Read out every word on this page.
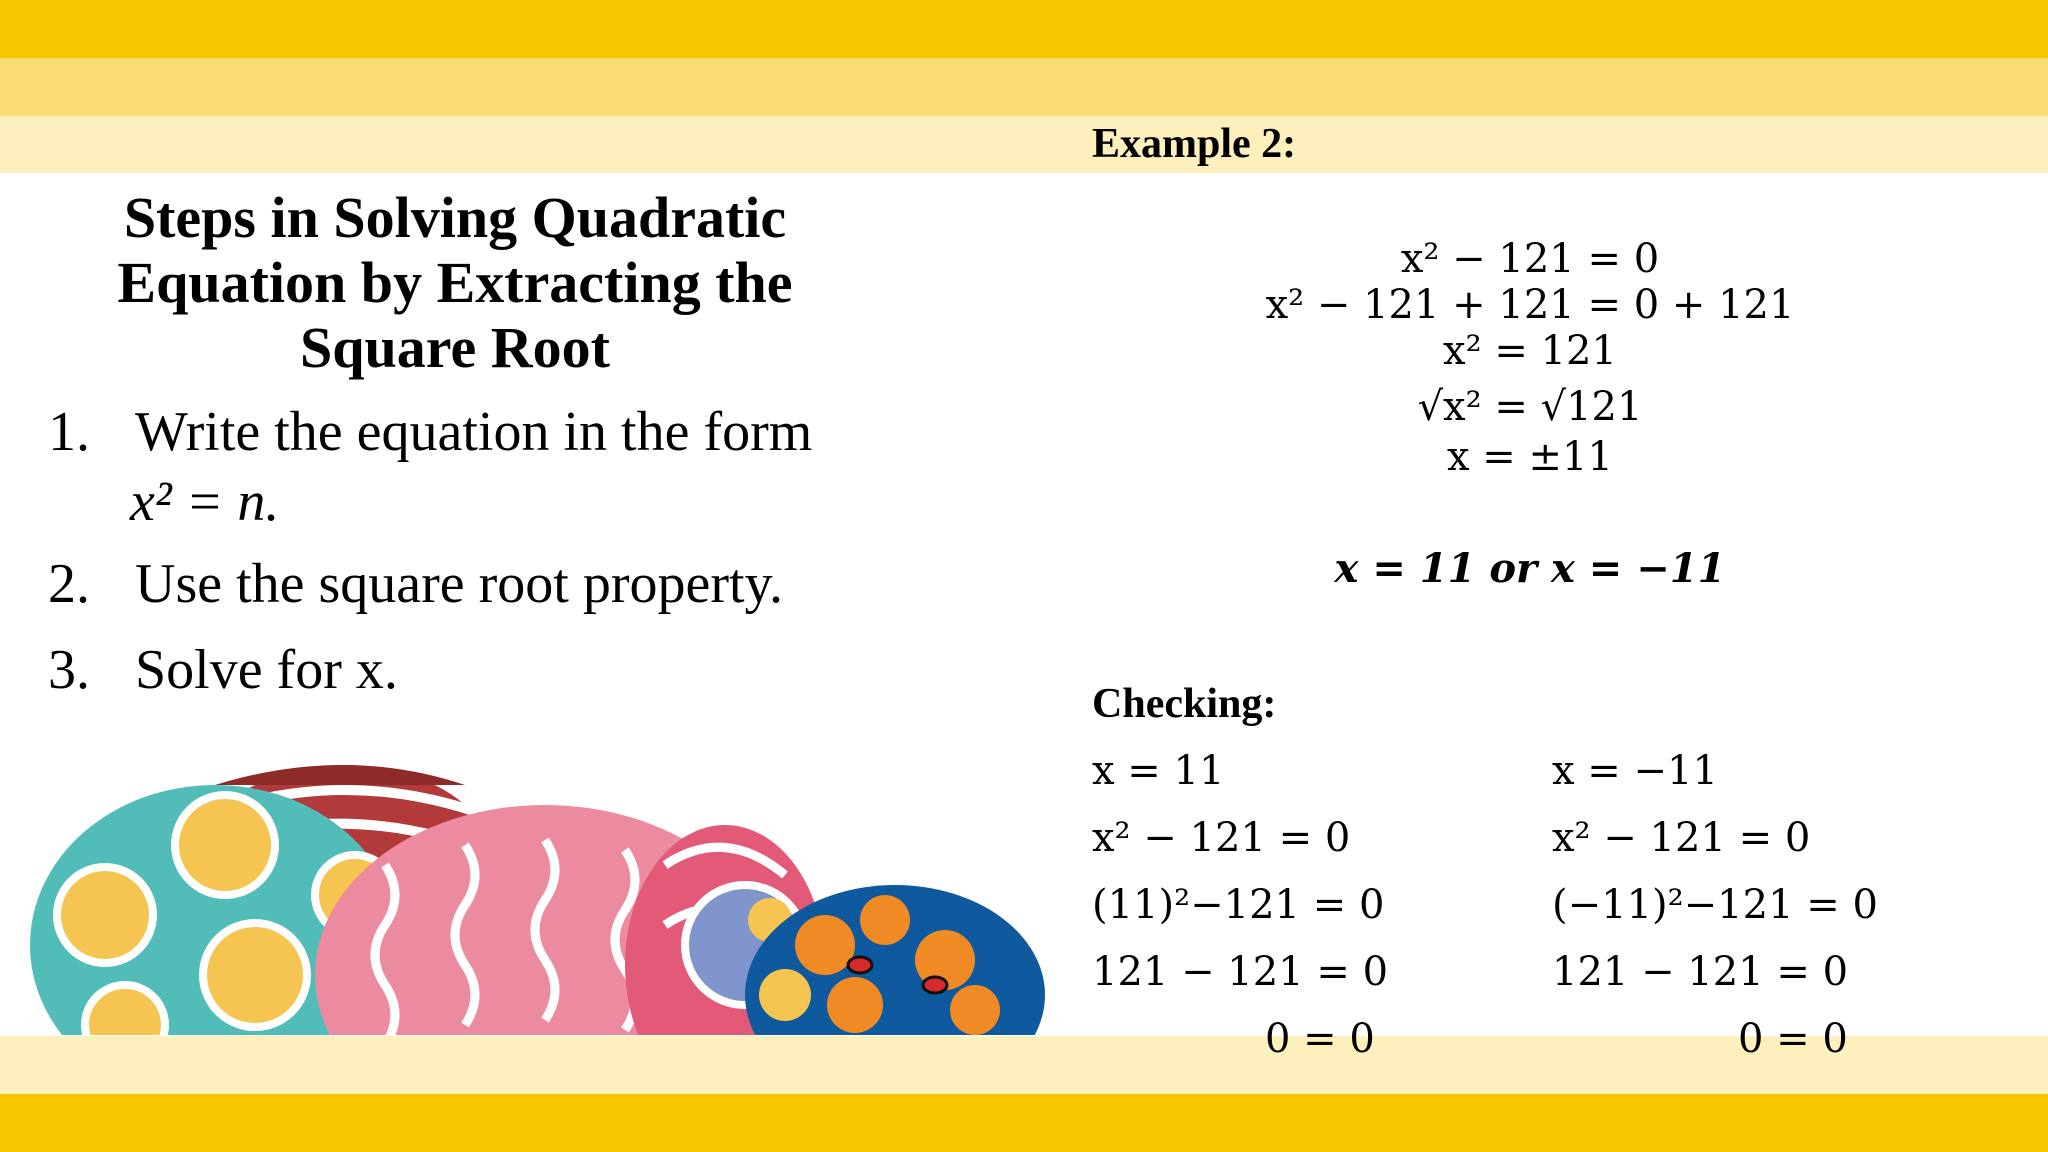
Steps in Solving Quadratic Equation by Extracting the Square Root
1. Write the equation in the form
x² = n.
2. Use the square root property.
3. Solve for x.
Example 2:
x² − 121 = 0
x² − 121 + 121 = 0 + 121
x² = 121
√x² = √121
x = ±11
x = 11 or x = −11
Checking:
x = 11
x² − 121 = 0
(11)²−121 = 0
121 − 121 = 0
x = −11
x² − 121 = 0
(−11)²−121 = 0
121 − 121 = 0
0 = 0	0 = 0
